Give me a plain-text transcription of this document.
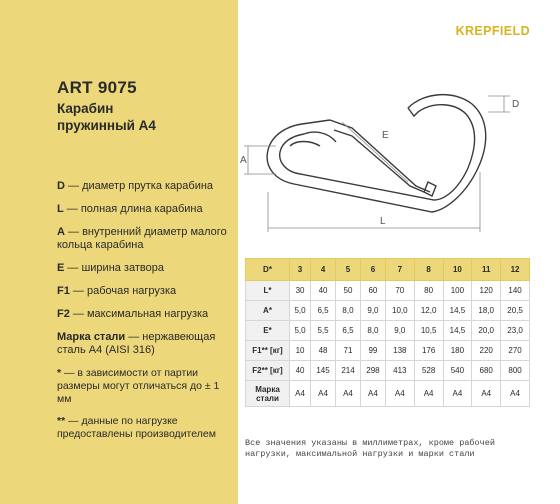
ART 9075
Карабин
пружинный А4
D — диаметр прутка карабина
L — полная длина карабина
A — внутренний диаметр малого кольца карабина
E — ширина затвора
F1 — рабочая нагрузка
F2 — максимальная нагрузка
Марка стали — нержавеющая сталь А4 (AISI 316)
* — в зависимости от партии размеры могут отличаться до ± 1 мм
** — данные по нагрузке предоставлены производителем
KREPFIELD
A
L
E
D
D*	3	4	5	6	7	8	10	11	12
L*	30	40	50	60	70	80	100	120	140
A*	5,0	6,5	8,0	9,0	10,0	12,0	14,5	18,0	20,5
E*	5,0	5,5	6,5	8,0	9,0	10,5	14,5	20,0	23,0
F1** [кг]	10	48	71	99	138	176	180	220	270
F2** [кг]	40	145	214	298	413	528	540	680	800
Марка стали	А4	А4	А4	А4	А4	А4	А4	А4	А4
Все значения указаны в миллиметрах, кроме рабочей нагрузки, максимальной нагрузки и марки стали
